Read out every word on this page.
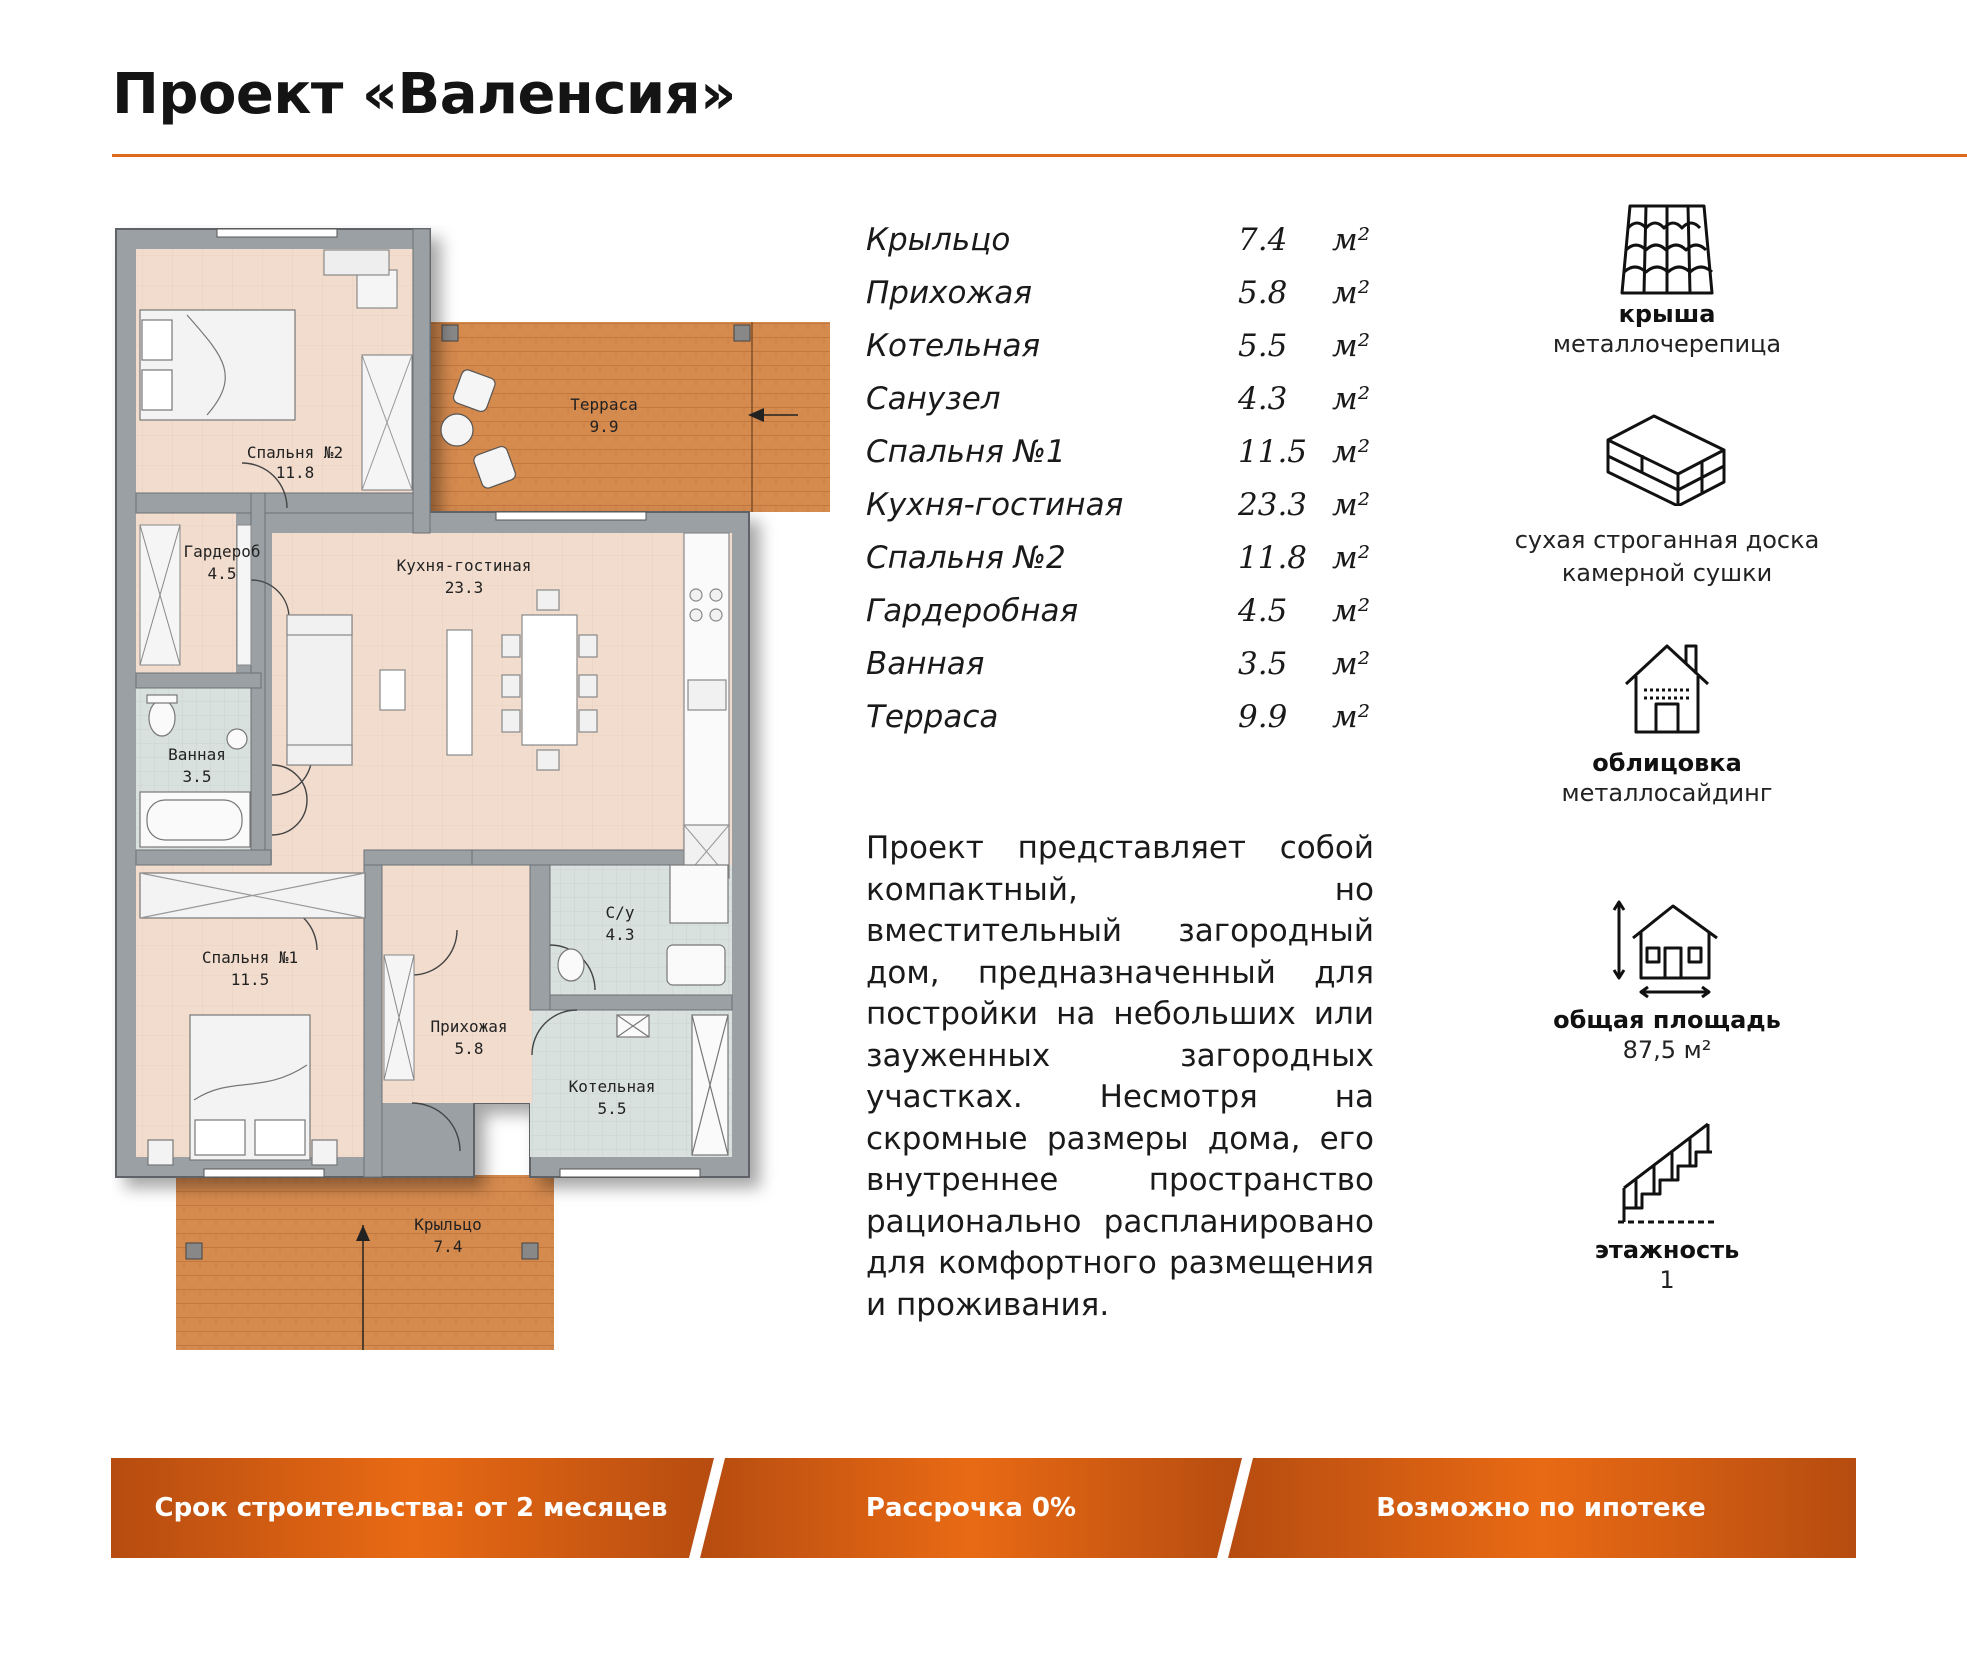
Проект «Валенсия»
Спальня №2
11.8
Терраса
9.9
Гардероб
4.5	Кухня-гостиная
23.3
Ванная
3.5
Спальня №1
11.5
С/у
4.3
Прихожая
5.8
Котельная
5.5
Крыльцо
7.4
Крыльцо	7.4 м²
Прихожая	5.8 м²
Котельная	5.5 м²
Санузел	4.3 м²
Спальня №1	11.5 м²
Кухня-гостиная	23.3 м²
Спальня №2	11.8 м²
Гардеробная	4.5 м²
Ванная	3.5 м²
Терраса	9.9 м²

Проект представляет собой компактный, но вместительный загородный дом, предназначенный для постройки на небольших или зауженных загородных участках. Несмотря на скромные размеры дома, его внутреннее пространство рационально распланировано для комфортного размещения и проживания.

крыша
металлочерепица
сухая строганная доска
камерной сушки
облицовка
металлосайдинг
общая площадь
87,5 м²
этажность
1
Срок строительства: от 2 месяцев	Рассрочка 0%	Возможно по ипотеке
